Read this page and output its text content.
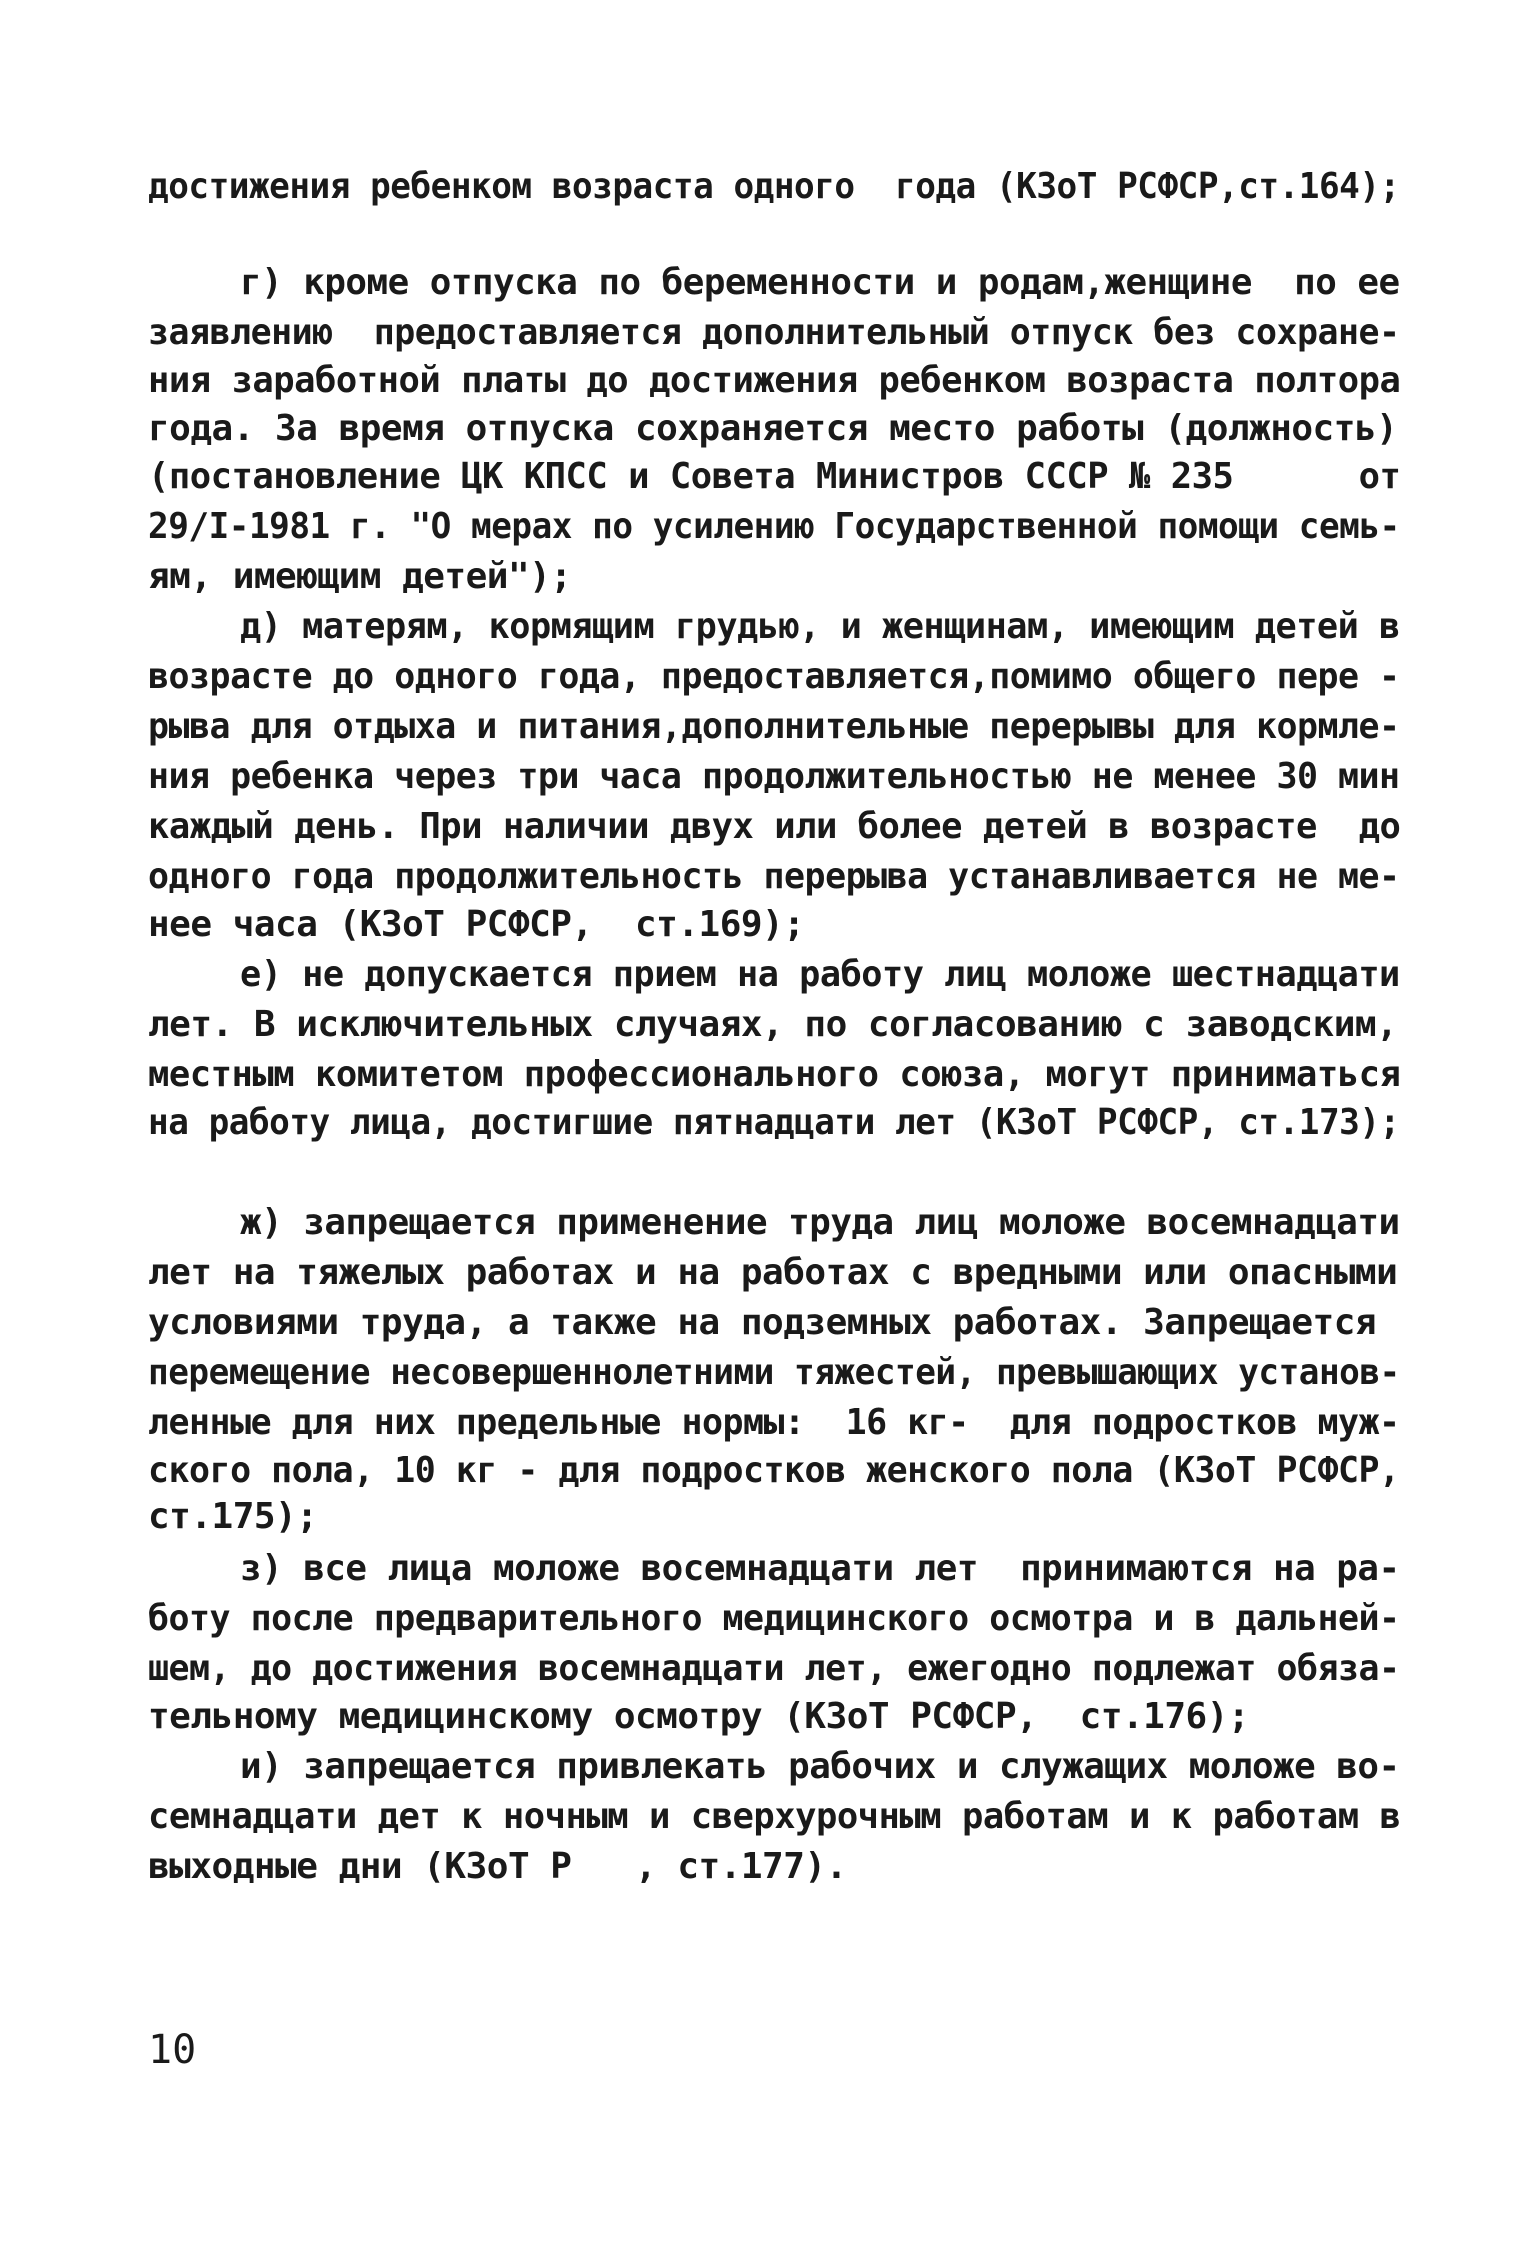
достижения ребенком возраста одного  года (КЗоТ РСФСР,ст.164);
г) кроме отпуска по беременности и родам,женщине  по ее
заявлению  предоставляется дополнительный отпуск без сохране-
ния заработной платы до достижения ребенком возраста полтора
года. За время отпуска сохраняется место работы (должность)
(постановление ЦК КПСС и Совета Министров СССР № 235      от
29/I-1981 г. "О мерах по усилению Государственной помощи семь-
ям, имеющим детей");
д) матерям, кормящим грудью, и женщинам, имеющим детей в
возрасте до одного года, предоставляется,помимо общего пере -
рыва для отдыха и питания,дополнительные перерывы для кормле-
ния ребенка через три часа продолжительностью не менее 30 мин
каждый день. При наличии двух или более детей в возрасте  до
одного года продолжительность перерыва устанавливается не ме-
нее часа (КЗоТ РСФСР,  ст.169);
е) не допускается прием на работу лиц моложе шестнадцати
лет. В исключительных случаях, по согласованию с заводским,
местным комитетом профессионального союза, могут приниматься
на работу лица, достигшие пятнадцати лет (КЗоТ РСФСР, ст.173);
ж) запрещается применение труда лиц моложе восемнадцати
лет на тяжелых работах и на работах с вредными или опасными
условиями труда, а также на подземных работах. Запрещается
перемещение несовершеннолетними тяжестей, превышающих установ-
ленные для них предельные нормы:  16 кг-  для подростков муж-
ского пола, 10 кг - для подростков женского пола (КЗоТ РСФСР,
ст.175);
з) все лица моложе восемнадцати лет  принимаются на ра-
боту после предварительного медицинского осмотра и в дальней-
шем, до достижения восемнадцати лет, ежегодно подлежат обяза-
тельному медицинскому осмотру (КЗоТ РСФСР,  ст.176);
и) запрещается привлекать рабочих и служащих моложе во-
семнадцати дет к ночным и сверхурочным работам и к работам в
выходные дни (КЗоТ Р   , ст.177).
10
